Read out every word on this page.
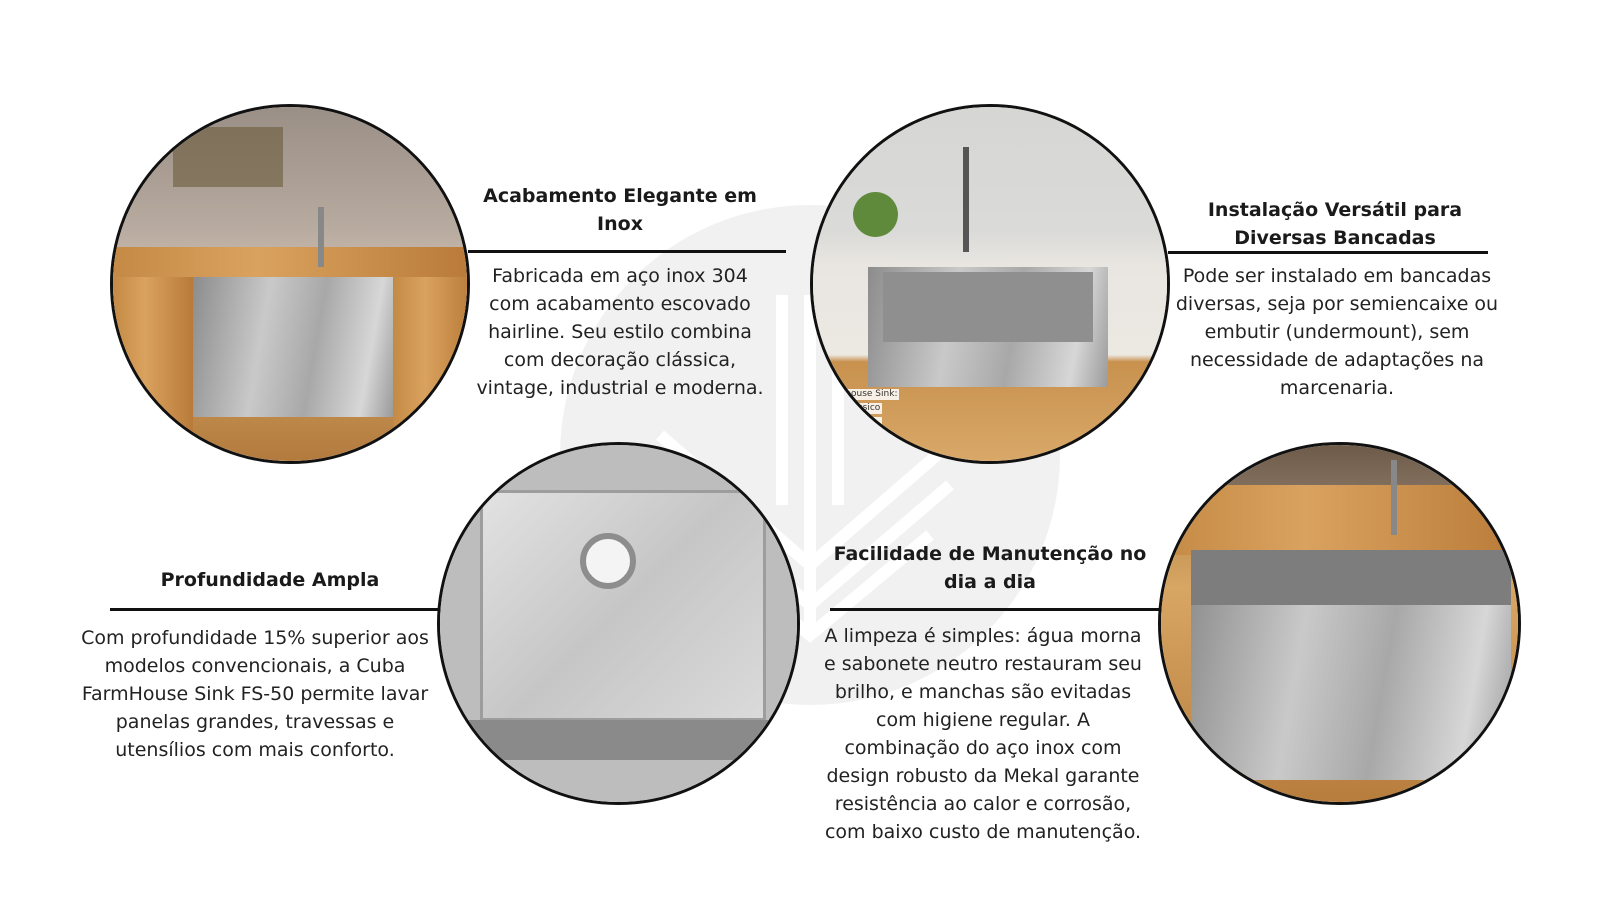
Acabamento Elegante em Inox
Fabricada em aço inox 304 com acabamento escovado hairline. Seu estilo combina com decoração clássica, vintage, industrial e moderna.	rmhouse Sink:
clássico
nado.
Instalação Versátil para Diversas Bancadas
Pode ser instalado em bancadas diversas, seja por semiencaixe ou embutir (undermount), sem necessidade de adaptações na marcenaria.
Profundidade Ampla
Com profundidade 15% superior aos modelos convencionais, a Cuba FarmHouse Sink FS-50 permite lavar panelas grandes, travessas e utensílios com mais conforto.
Facilidade de Manutenção no dia a dia
A limpeza é simples: água morna e sabonete neutro restauram seu brilho, e manchas são evitadas com higiene regular. A combinação do aço inox com design robusto da Mekal garante resistência ao calor e corrosão, com baixo custo de manutenção.
